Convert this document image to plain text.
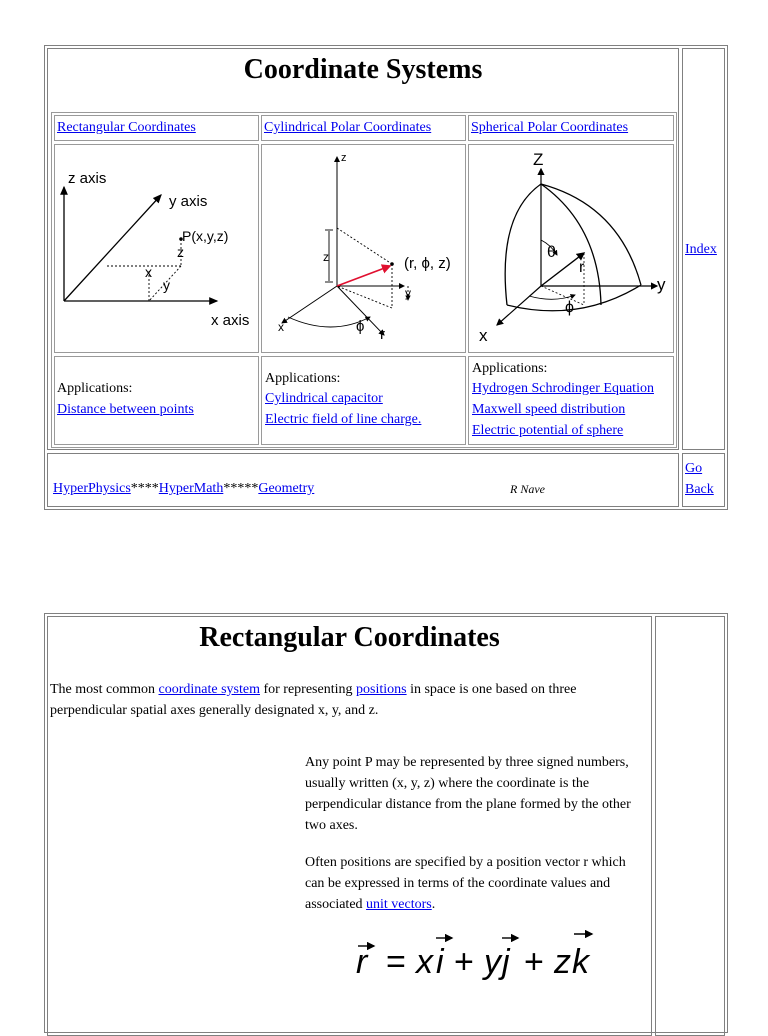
Coordinate Systems
Rectangular Coordinates	Cylindrical Polar Coordinates	Spherical Polar Coordinates
z axis
y axis
x axis
P(x,y,z)
z
x
y
z
z	(r, ϕ, z)
y
x	ϕ r
Z
θ
r
y
ϕ
x
Applications:
Distance between points
Applications:
Cylindrical capacitor
Electric field of line charge.
Applications:
Hydrogen Schrodinger Equation
Maxwell speed distribution
Electric potential of sphere
Index
HyperPhysics****HyperMath*****Geometry	R Nave
Go
Back
Rectangular Coordinates
The most common coordinate system for representing positions in space is one based on three perpendicular spatial axes generally designated x, y, and z.
Any point P may be represented by three signed numbers, usually written (x, y, z) where the coordinate is the perpendicular distance from the plane formed by the other two axes.
Often positions are specified by a position vector r which can be expressed in terms of the coordinate values and associated unit vectors.
r = x i + y j + z k
